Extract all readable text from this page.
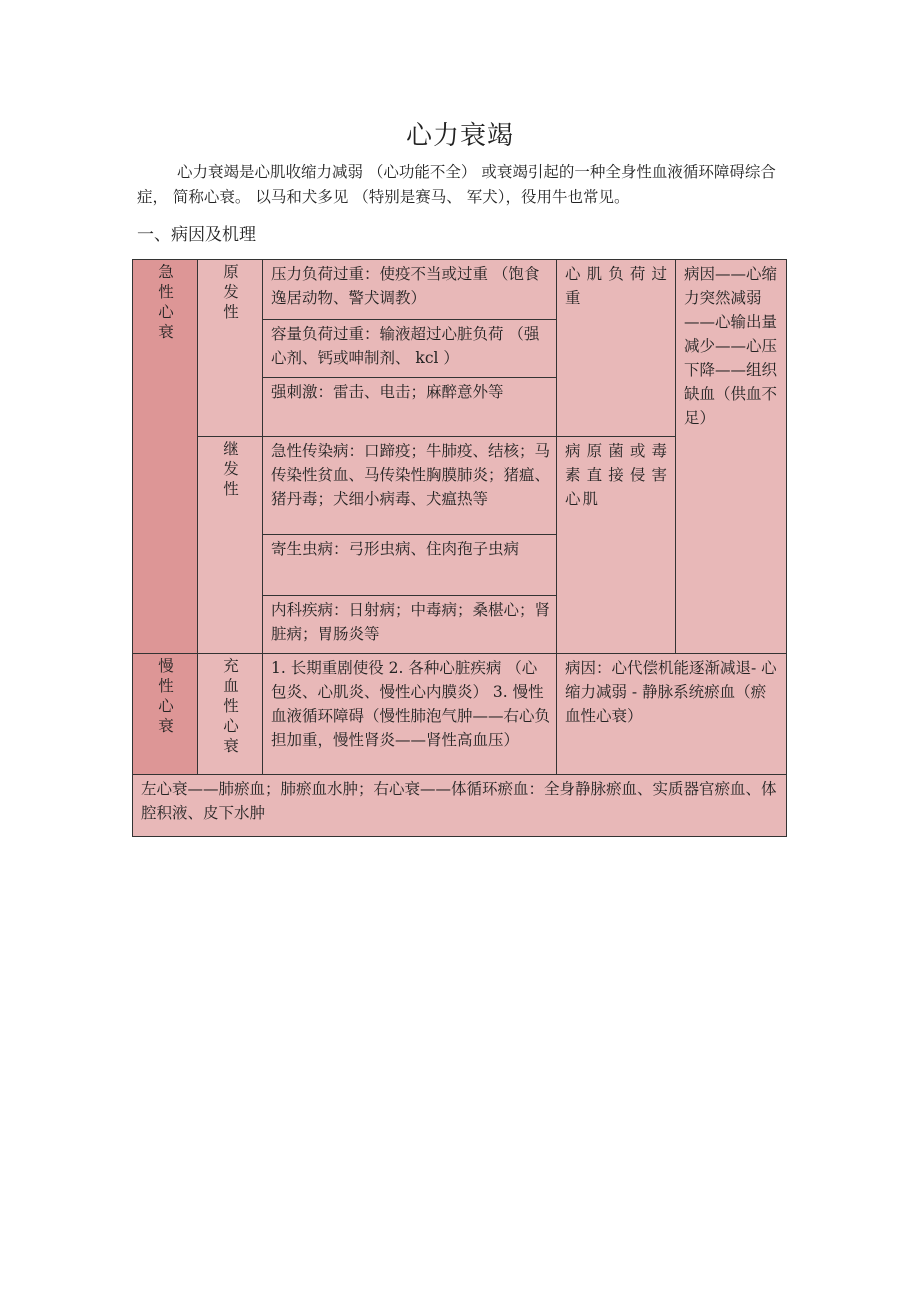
心力衰竭

心力衰竭是心肌收缩力减弱 （心功能不全） 或衰竭引起的一种全身性血液循环障碍综合症， 简称心衰。 以马和犬多见 （特别是赛马、 军犬），役用牛也常见。

一、病因及机理
急性心衰	原发性	压力负荷过重：使疫不当或过重 （饱食逸居动物、警犬调教）	心肌负荷过重	病因——心缩力突然减弱——心输出量减少——心压下降——组织缺血（供血不足）
		容量负荷过重：输液超过心脏负荷 （强心剂、钙或呻制剂、 kcl ）		
		强刺激：雷击、电击；麻醉意外等		
	继发性	急性传染病：口蹄疫；牛肺疫、结核；马传染性贫血、马传染性胸膜肺炎；猪瘟、猪丹毒；犬细小病毒、犬瘟热等	病原菌或毒素直接侵害心肌	
		寄生虫病：弓形虫病、住肉孢子虫病		
		内科疾病：日射病；中毒病；桑椹心；肾脏病；胃肠炎等		
慢性心衰	充血性心衰	1. 长期重剧使役 2. 各种心脏疾病 （心包炎、心肌炎、慢性心内膜炎） 3. 慢性血液循环障碍（慢性肺泡气肿——右心负担加重，慢性肾炎——肾性高血压）	病因：心代偿机能逐渐减退- 心缩力减弱 - 静脉系统瘀血（瘀血性心衰）	
左心衰——肺瘀血；肺瘀血水肿；右心衰——体循环瘀血：全身静脉瘀血、实质器官瘀血、体腔积液、皮下水肿				
